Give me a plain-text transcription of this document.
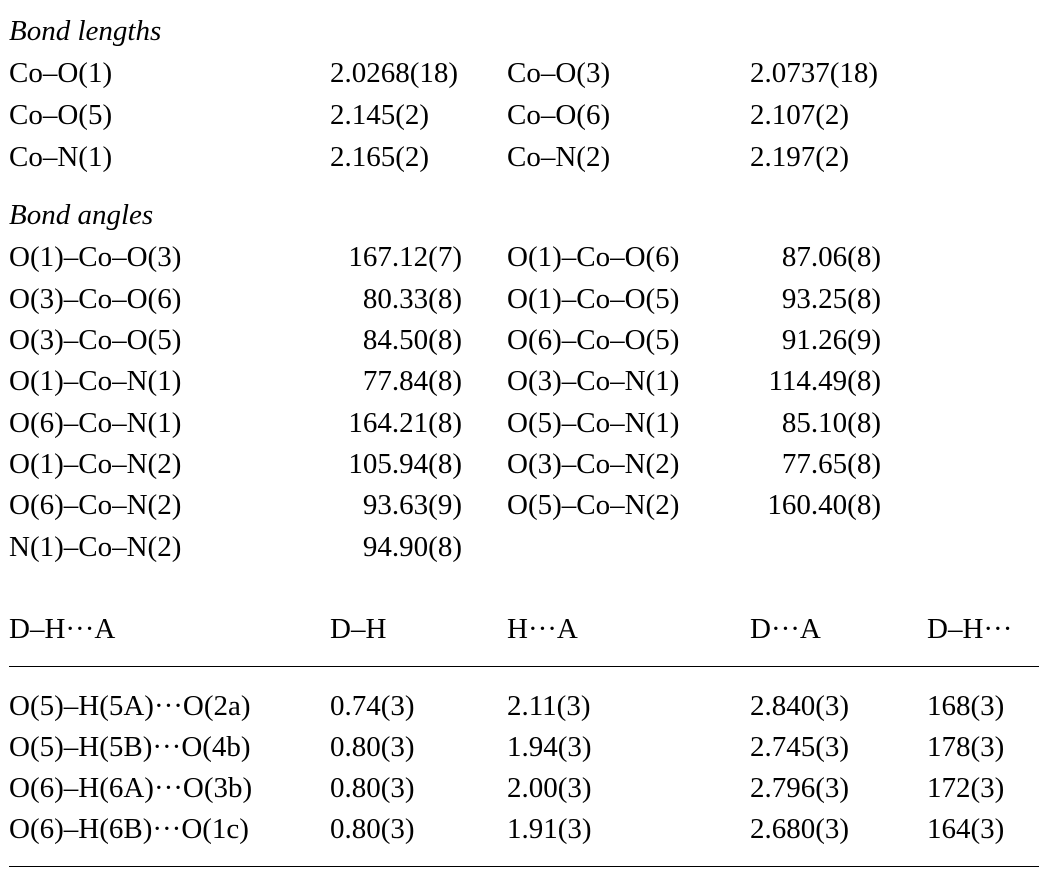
Bond lengths
Co–O(1)	2.0268(18) Co–O(3)	2.0737(18)
Co–O(5)	2.145(2)	Co–O(6)	2.107(2)
Co–N(1)	2.165(2)	Co–N(2)	2.197(2)
Bond angles
O(1)–Co–O(3)	167.12(7) O(1)–Co–O(6)	87.06(8)
O(3)–Co–O(6)	80.33(8) O(1)–Co–O(5)	93.25(8)
O(3)–Co–O(5)	84.50(8) O(6)–Co–O(5)	91.26(9)
O(1)–Co–N(1)	77.84(8) O(3)–Co–N(1)	114.49(8)
O(6)–Co–N(1)	164.21(8) O(5)–Co–N(1)	85.10(8)
O(1)–Co–N(2)	105.94(8) O(3)–Co–N(2)	77.65(8)
O(6)–Co–N(2)	93.63(9) O(5)–Co–N(2)	160.40(8)
N(1)–Co–N(2)	94.90(8)
D–H···A	D–H	H···A	D···A	D–H···
O(5)–H(5A)···O(2a)	0.74(3)	2.11(3)	2.840(3)	168(3)
O(5)–H(5B)···O(4b)	0.80(3)	1.94(3)	2.745(3)	178(3)
O(6)–H(6A)···O(3b)	0.80(3)	2.00(3)	2.796(3)	172(3)
O(6)–H(6B)···O(1c)	0.80(3)	1.91(3)	2.680(3)	164(3)
